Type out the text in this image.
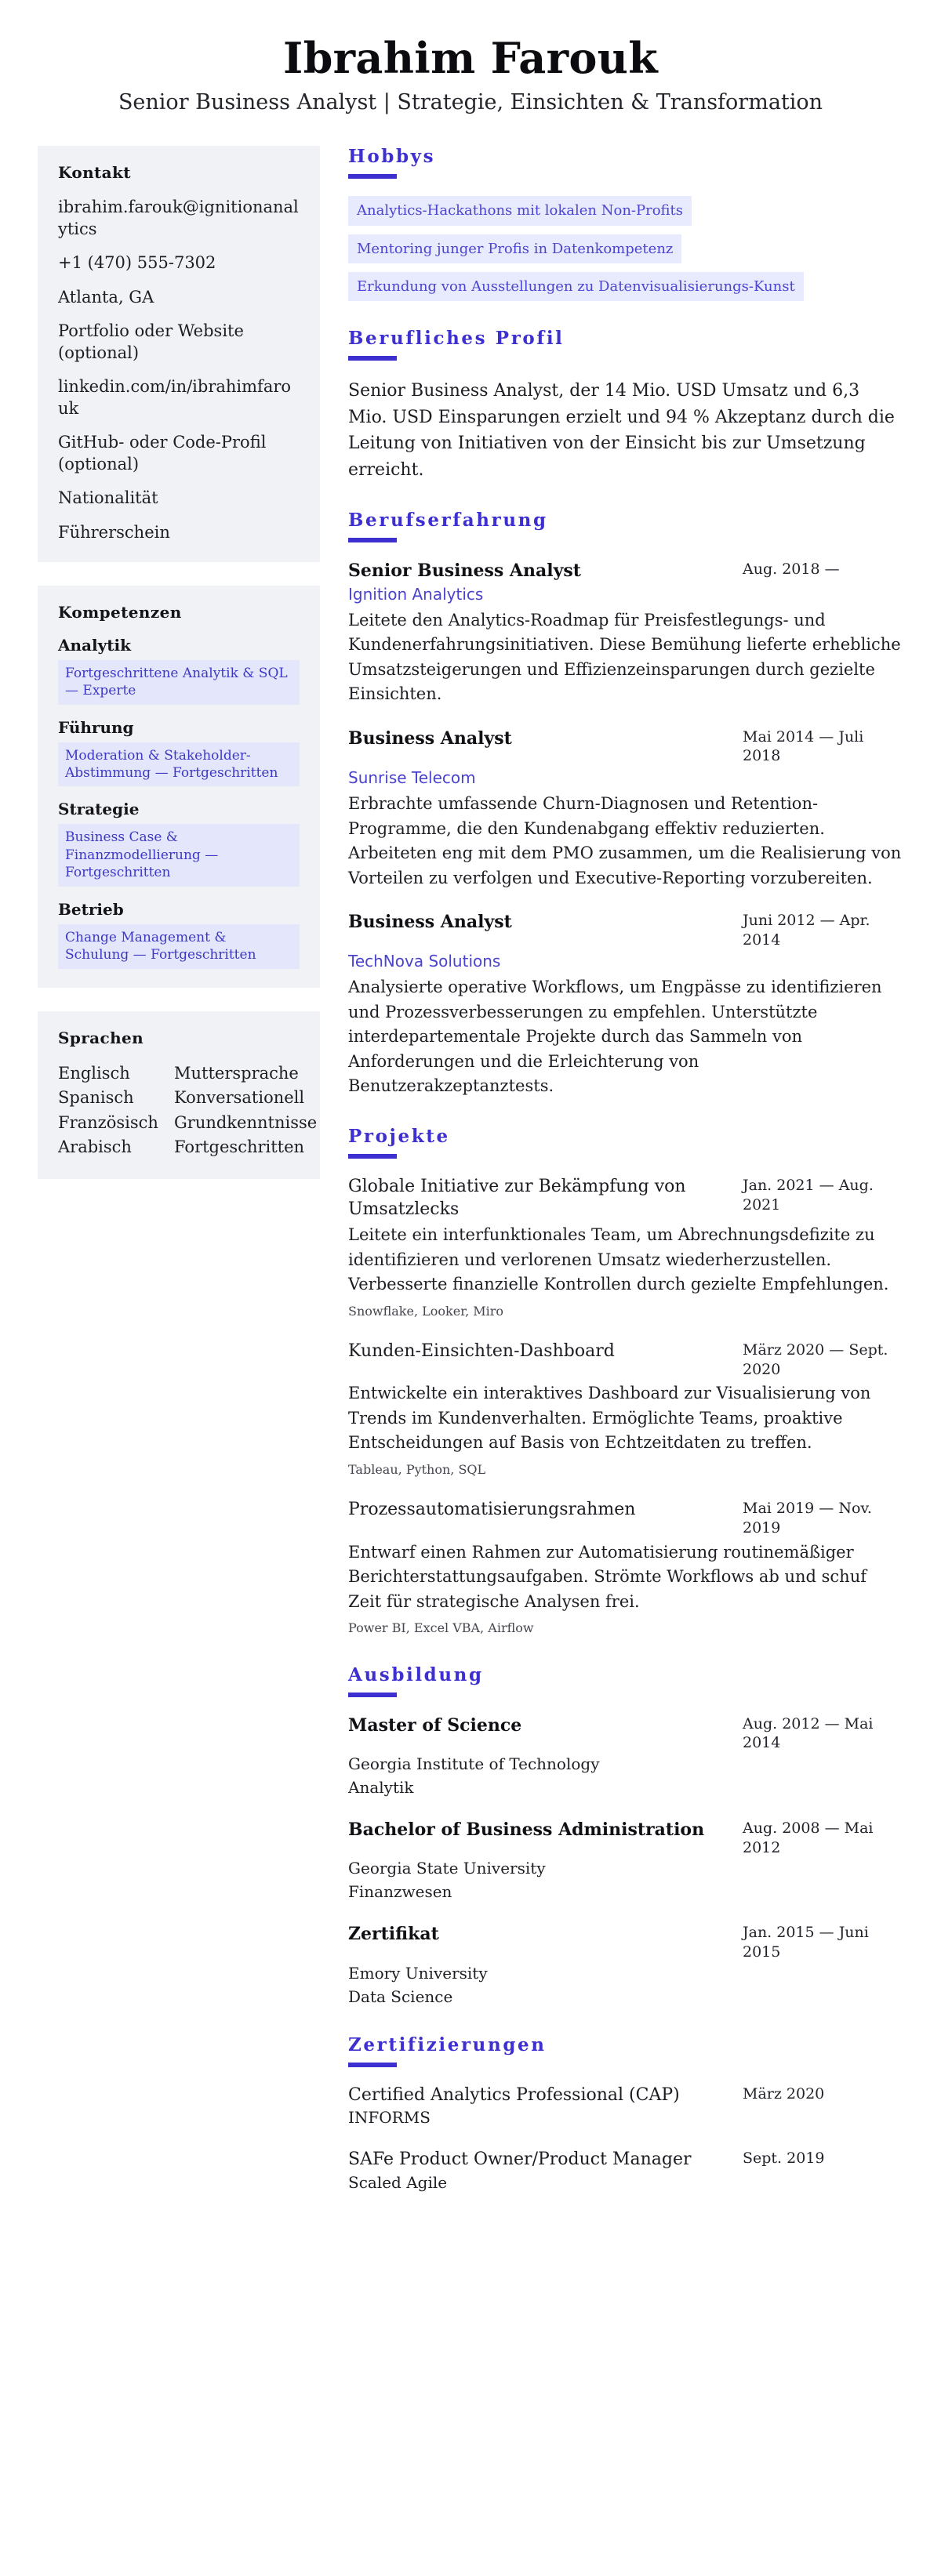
Ibrahim Farouk

Senior Business Analyst | Strategie, Einsichten & Transformation

Kontakt

ibrahim.farouk@ignitionanalytics

+1 (470) 555-7302

Atlanta, GA

Portfolio oder Website (optional)

linkedin.com/in/ibrahimfarouk

GitHub- oder Code-Profil (optional)

Nationalität

Führerschein

Kompetenzen

Analytik

Fortgeschrittene Analytik & SQL — Experte

Führung

Moderation & Stakeholder-Abstimmung — Fortgeschritten

Strategie

Business Case & Finanzmodellierung — Fortgeschritten

Betrieb

Change Management & Schulung — Fortgeschritten
Sprachen
Englisch	Muttersprache
Spanisch	Konversationell
Französisch Grundkenntnisse
Arabisch	Fortgeschritten
Hobbys
Analytics-Hackathons mit lokalen Non-Profits
Mentoring junger Profis in Datenkompetenz
Erkundung von Ausstellungen zu Datenvisualisierungs-Kunst
Berufliches Profil

Senior Business Analyst, der 14 Mio. USD Umsatz und 6,3 Mio. USD Einsparungen erzielt und 94 % Akzeptanz durch die Leitung von Initiativen von der Einsicht bis zur Umsetzung erreicht.

Berufserfahrung

Senior Business Analyst	Aug. 2018 —

Ignition Analytics

Leitete den Analytics-Roadmap für Preisfestlegungs- und Kundenerfahrungsinitiativen. Diese Bemühung lieferte erhebliche Umsatzsteigerungen und Effizienzeinsparungen durch gezielte Einsichten.

Business Analyst	Mai 2014 — Juli 2018

Sunrise Telecom

Erbrachte umfassende Churn-Diagnosen und Retention-Programme, die den Kundenabgang effektiv reduzierten. Arbeiteten eng mit dem PMO zusammen, um die Realisierung von Vorteilen zu verfolgen und Executive-Reporting vorzubereiten.

Business Analyst	Juni 2012 — Apr. 2014

TechNova Solutions

Analysierte operative Workflows, um Engpässe zu identifizieren und Prozessverbesserungen zu empfehlen. Unterstützte interdepartementale Projekte durch das Sammeln von Anforderungen und die Erleichterung von Benutzerakzeptanztests.

Projekte

Globale Initiative zur Bekämpfung von Umsatzlecks

Jan. 2021 — Aug. 2021

Leitete ein interfunktionales Team, um Abrechnungsdefizite zu identifizieren und verlorenen Umsatz wiederherzustellen. Verbesserte finanzielle Kontrollen durch gezielte Empfehlungen.

Snowflake, Looker, Miro

Kunden-Einsichten-Dashboard	März 2020 — Sept. 2020

Entwickelte ein interaktives Dashboard zur Visualisierung von Trends im Kundenverhalten. Ermöglichte Teams, proaktive Entscheidungen auf Basis von Echtzeitdaten zu treffen.

Tableau, Python, SQL

Prozessautomatisierungsrahmen	Mai 2019 — Nov. 2019

Entwarf einen Rahmen zur Automatisierung routinemäßiger Berichterstattungsaufgaben. Strömte Workflows ab und schuf Zeit für strategische Analysen frei.

Power BI, Excel VBA, Airflow

Ausbildung

Master of Science	Aug. 2012 — Mai 2014

Georgia Institute of Technology

Analytik

Bachelor of Business Administration	Aug. 2008 — Mai 2012

Georgia State University

Finanzwesen

Zertifikat	Jan. 2015 — Juni 2015

Emory University

Data Science

Zertifizierungen

Certified Analytics Professional (CAP)	März 2020

INFORMS

SAFe Product Owner/Product Manager	Sept. 2019

Scaled Agile
